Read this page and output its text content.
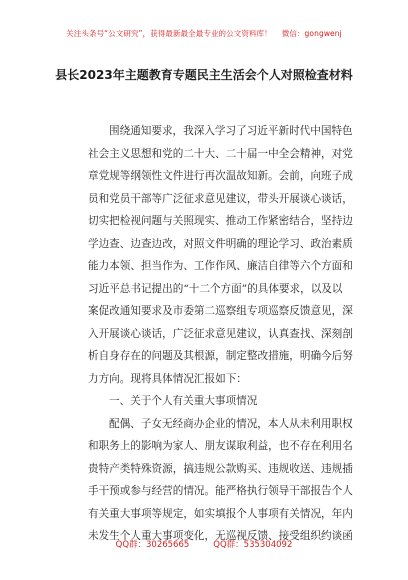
关注头条号“公文研究”，获得最新最全最专业的公文资料库！ 微信：gongwenj
县长2023年主题教育专题民主生活会个人对照检查材料
围绕通知要求，我深入学习了习近平新时代中国特色
社会主义思想和党的二十大、二十届一中全会精神，对党
章党规等纲领性文件进行再次温故知新。会前，向班子成
员和党员干部等广泛征求意见建议，带头开展谈心谈话，
切实把检视问题与关照现实、推动工作紧密结合，坚持边
学边查、边查边改，对照文件明确的理论学习、政治素质
能力本领、担当作为、工作作风、廉洁自律等六个方面和
习近平总书记提出的“十二个方面”的具体要求，以及以
案促改通知要求及市委第二巡察组专项巡察反馈意见，深
入开展谈心谈话，广泛征求意见建议，认真查找、深刻剖
析自身存在的问题及其根源，制定整改措施，明确今后努
力方向。现将具体情况汇报如下：
一、关于个人有关重大事项情况
配偶、子女无经商办企业的情况，本人从未利用职权
和职务上的影响为家人、朋友谋取利益，也不存在利用名
贵特产类特殊资源，搞违规公款购买、违规收送、违规插
手干预或参与经营的情况。能严格执行领导干部报告个人
有关重大事项等规定，如实填报个人事项有关情况，年内
未发生个人重大事项变化，无巡视反馈、接受组织约谈函
QQ群：30265665	QQ群：535304092
